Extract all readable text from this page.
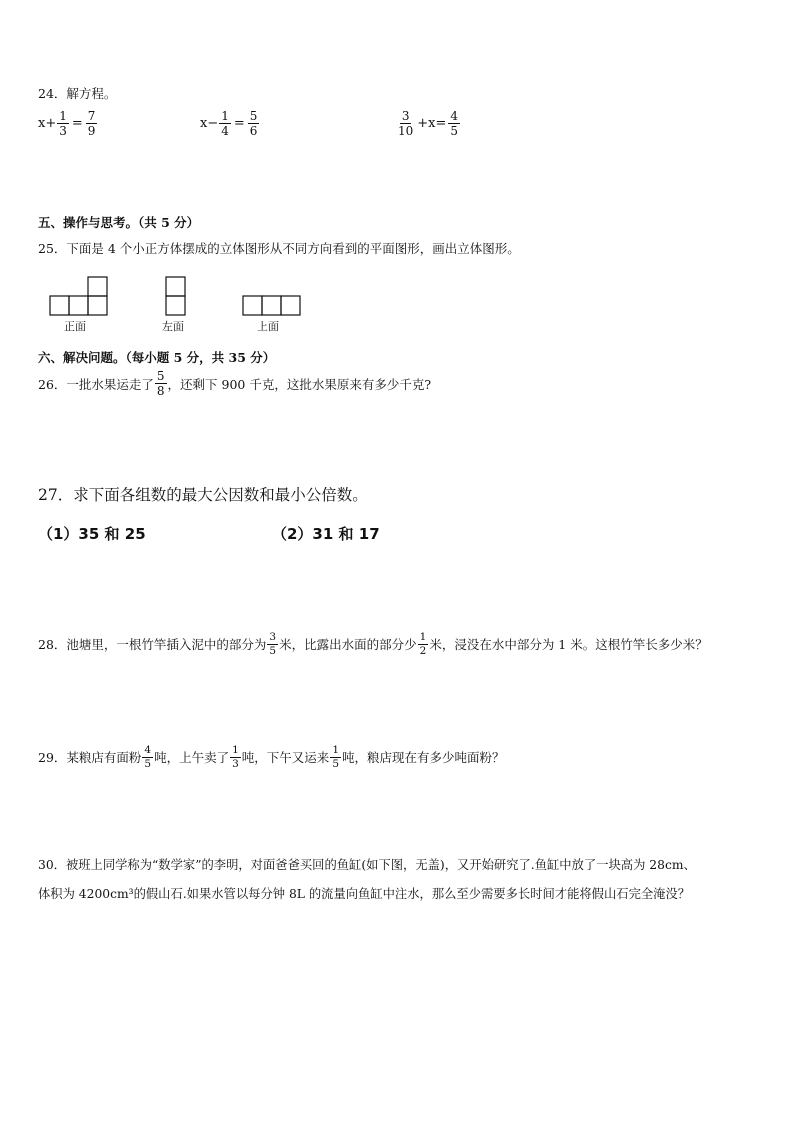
24．解方程。
$x+ \frac{1}{3} = \frac{7}{9}$	$x- \frac{1}{4} = \frac{5}{6}$	$\frac{3}{10} +x= \frac{4}{5}$
五、操作与思考。（共 5 分）
25．下面是 4 个小正方体摆成的立体图形从不同方向看到的平面图形，画出立体图形。
正面	左面	上面
六、解决问题。（每小题 5 分，共 35 分）
26．一批水果运走了 $\frac{5}{8}$ ，还剩下 900 千克，这批水果原来有多少千克?
27．求下面各组数的最大公因数和最小公倍数。
（1）35 和 25	（2）31 和 17
28．池塘里，一根竹竿插入泥中的部分为 $\frac{3}{5}$ 米，比露出水面的部分少 $\frac{1}{2}$ 米，浸没在水中部分为 1 米。这根竹竿长多少米？
29．某粮店有面粉 $\frac{4}{5}$ 吨，上午卖了 $\frac{1}{3}$ 吨，下午又运来 $\frac{1}{5}$ 吨，粮店现在有多少吨面粉？
30．被班上同学称为“数学家”的李明，对面爸爸买回的鱼缸(如下图，无盖)，又开始研究了.鱼缸中放了一块高为 28cm、
体积为 4200cm³的假山石.如果水管以每分钟 8L 的流量向鱼缸中注水，那么至少需要多长时间才能将假山石完全淹没？
